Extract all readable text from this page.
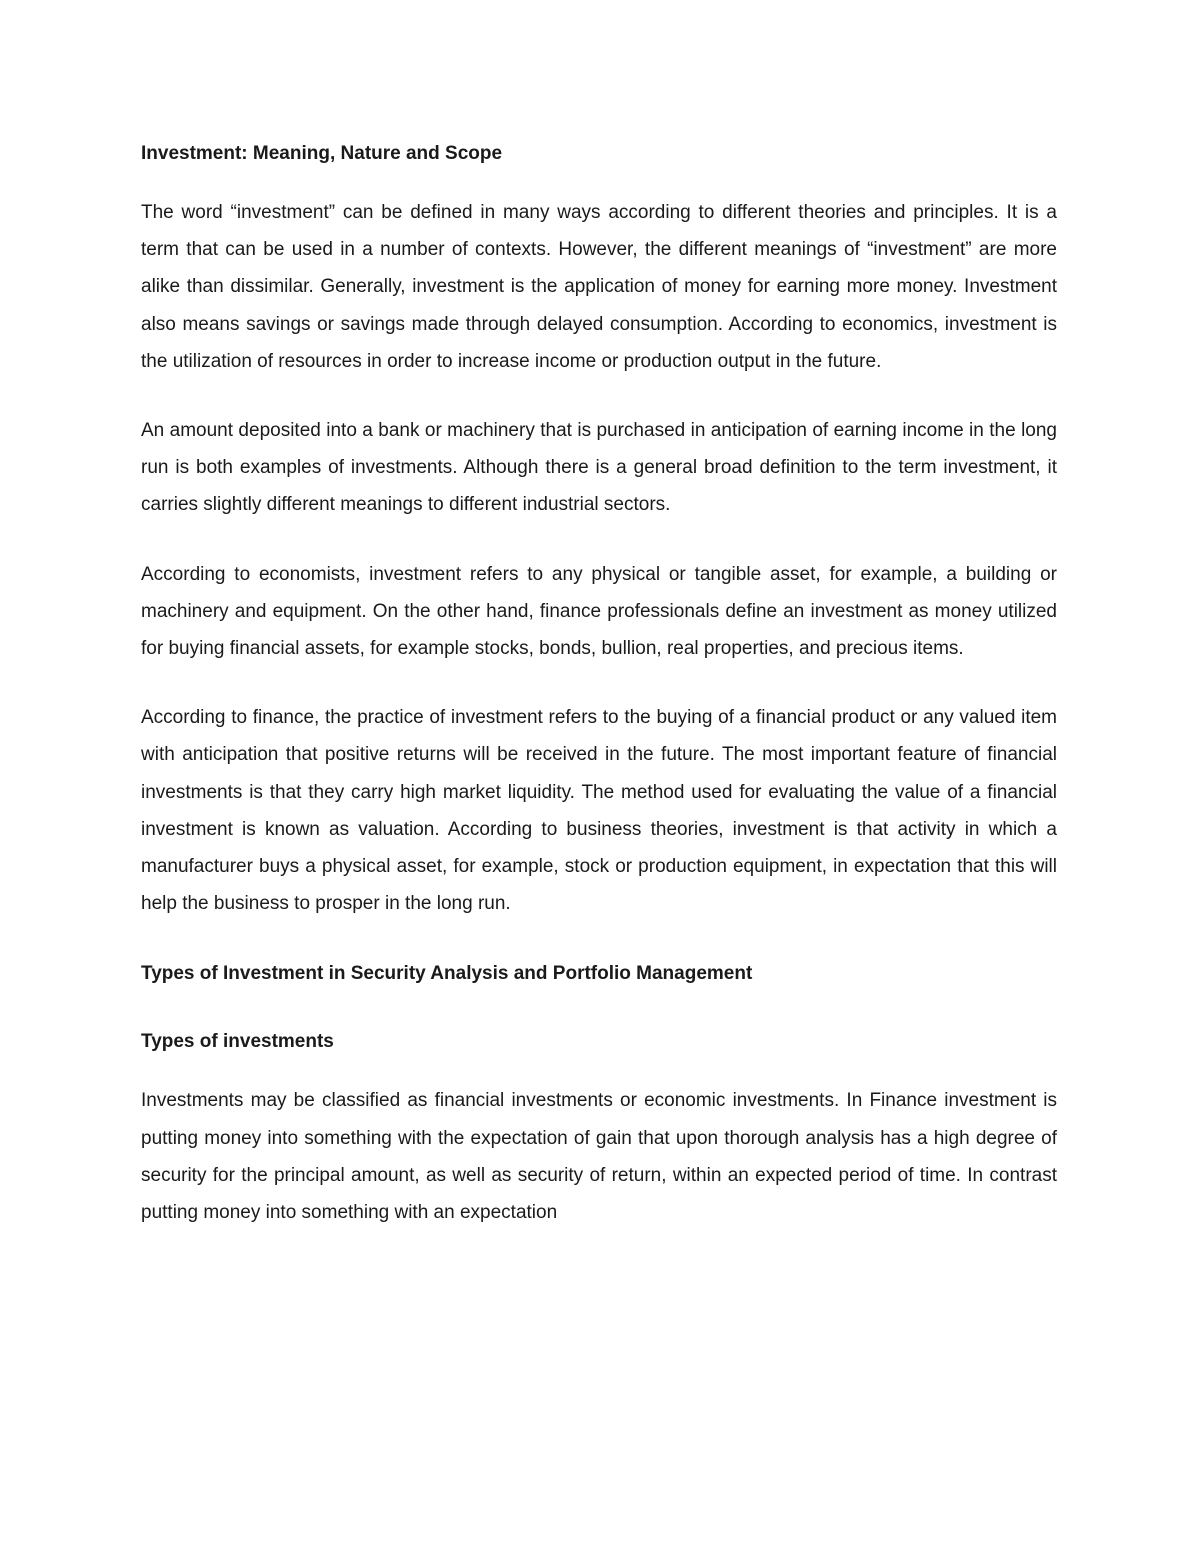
Investment: Meaning, Nature and Scope

The word “investment” can be defined in many ways according to different theories and principles. It is a term that can be used in a number of contexts. However, the different meanings of “investment” are more alike than dissimilar. Generally, investment is the application of money for earning more money. Investment also means savings or savings made through delayed consumption. According to economics, investment is the utilization of resources in order to increase income or production output in the future.

An amount deposited into a bank or machinery that is purchased in anticipation of earning income in the long run is both examples of investments. Although there is a general broad definition to the term investment, it carries slightly different meanings to different industrial sectors.

According to economists, investment refers to any physical or tangible asset, for example, a building or machinery and equipment. On the other hand, finance professionals define an investment as money utilized for buying financial assets, for example stocks, bonds, bullion, real properties, and precious items.

According to finance, the practice of investment refers to the buying of a financial product or any valued item with anticipation that positive returns will be received in the future. The most important feature of financial investments is that they carry high market liquidity. The method used for evaluating the value of a financial investment is known as valuation. According to business theories, investment is that activity in which a manufacturer buys a physical asset, for example, stock or production equipment, in expectation that this will help the business to prosper in the long run.

Types of Investment in Security Analysis and Portfolio Management
Types of investments

Investments may be classified as financial investments or economic investments. In Finance investment is putting money into something with the expectation of gain that upon thorough analysis has a high degree of security for the principal amount, as well as security of return, within an expected period of time. In contrast putting money into something with an expectation
